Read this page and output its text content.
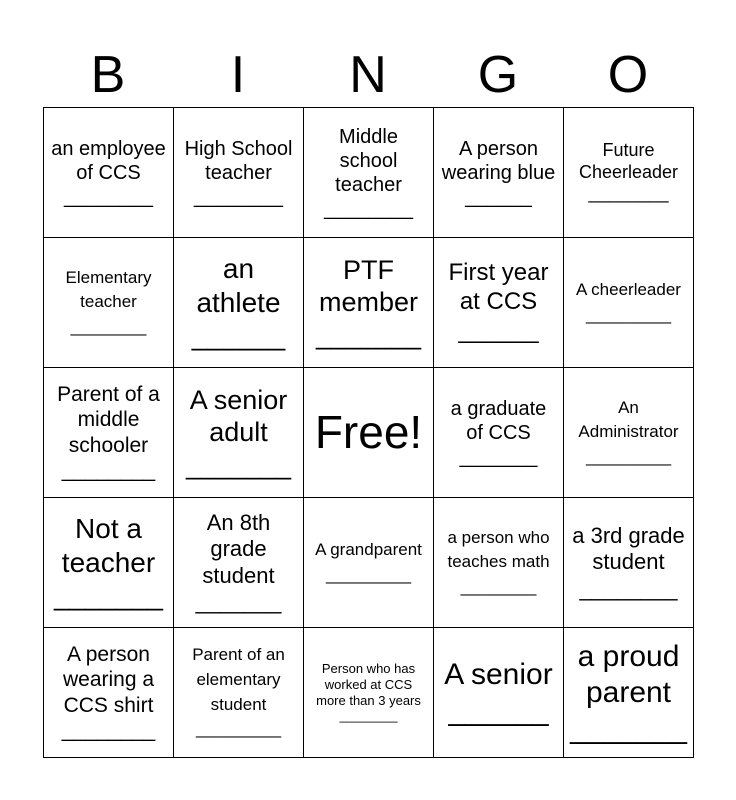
B	I	N	G	O
an employee of CCS ________	High School teacher ________	Middle school teacher ________	A person wearing blue ______	Future Cheerleader ________
Elementary teacher ________	an athlete ______	PTF member _______	First year at CCS ______	A cheerleader _________
Parent of a middle schooler ________	A senior adult _______	Free!	a graduate of CCS _______	An Administrator _________
Not a teacher _______	An 8th grade student _______	A grandparent _________	a person who teaches math ________	a 3rd grade student ________
A person wearing a CCS shirt ________	Parent of an elementary student _________	Person who has worked at CCS more than 3 years ________	A senior ______	a proud parent _______
